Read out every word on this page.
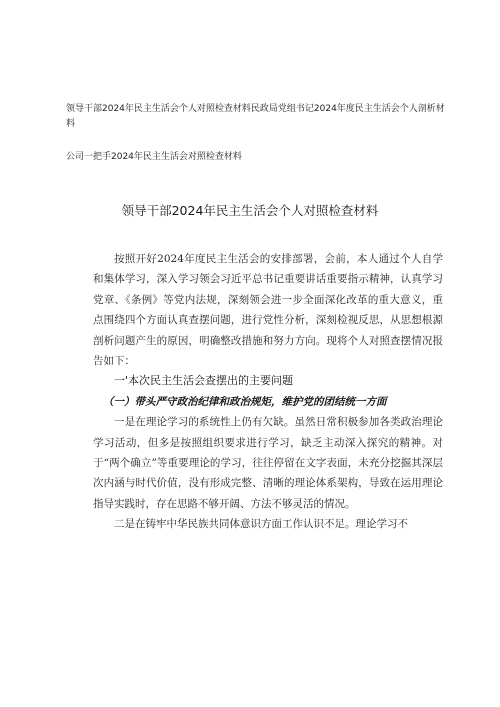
领导干部2024年民主生活会个人对照检查材料民政局党组书记2024年度民主生活会个人剖析材料
公司一把手2024年民主生活会对照检查材料
领导干部2024年民主生活会个人对照检查材料

按照开好2024年度民主生活会的安排部署，会前，本人通过个人自学和集体学习，深入学习领会习近平总书记重要讲话重要指示精神，认真学习党章、《条例》等党内法规，深刻领会进一步全面深化改革的重大意义，重点围绕四个方面认真查摆问题，进行党性分析，深刻检视反思，从思想根源剖析问题产生的原因，明确整改措施和努力方向。现将个人对照查摆情况报告如下：

一'本次民主生活会查摆出的主要问题
（一）带头严守政治纪律和政治规矩，维护党的团结统一方面

一是在理论学习的系统性上仍有欠缺。虽然日常积极参加各类政治理论学习活动，但多是按照组织要求进行学习，缺乏主动深入探究的精神。对于“两个确立”等重要理论的学习，往往停留在文字表面，未充分挖掘其深层次内涵与时代价值，没有形成完整、清晰的理论体系架构，导致在运用理论指导实践时，存在思路不够开阔、方法不够灵活的情况。

二是在铸牢中华民族共同体意识方面工作认识不足。理论学习不
